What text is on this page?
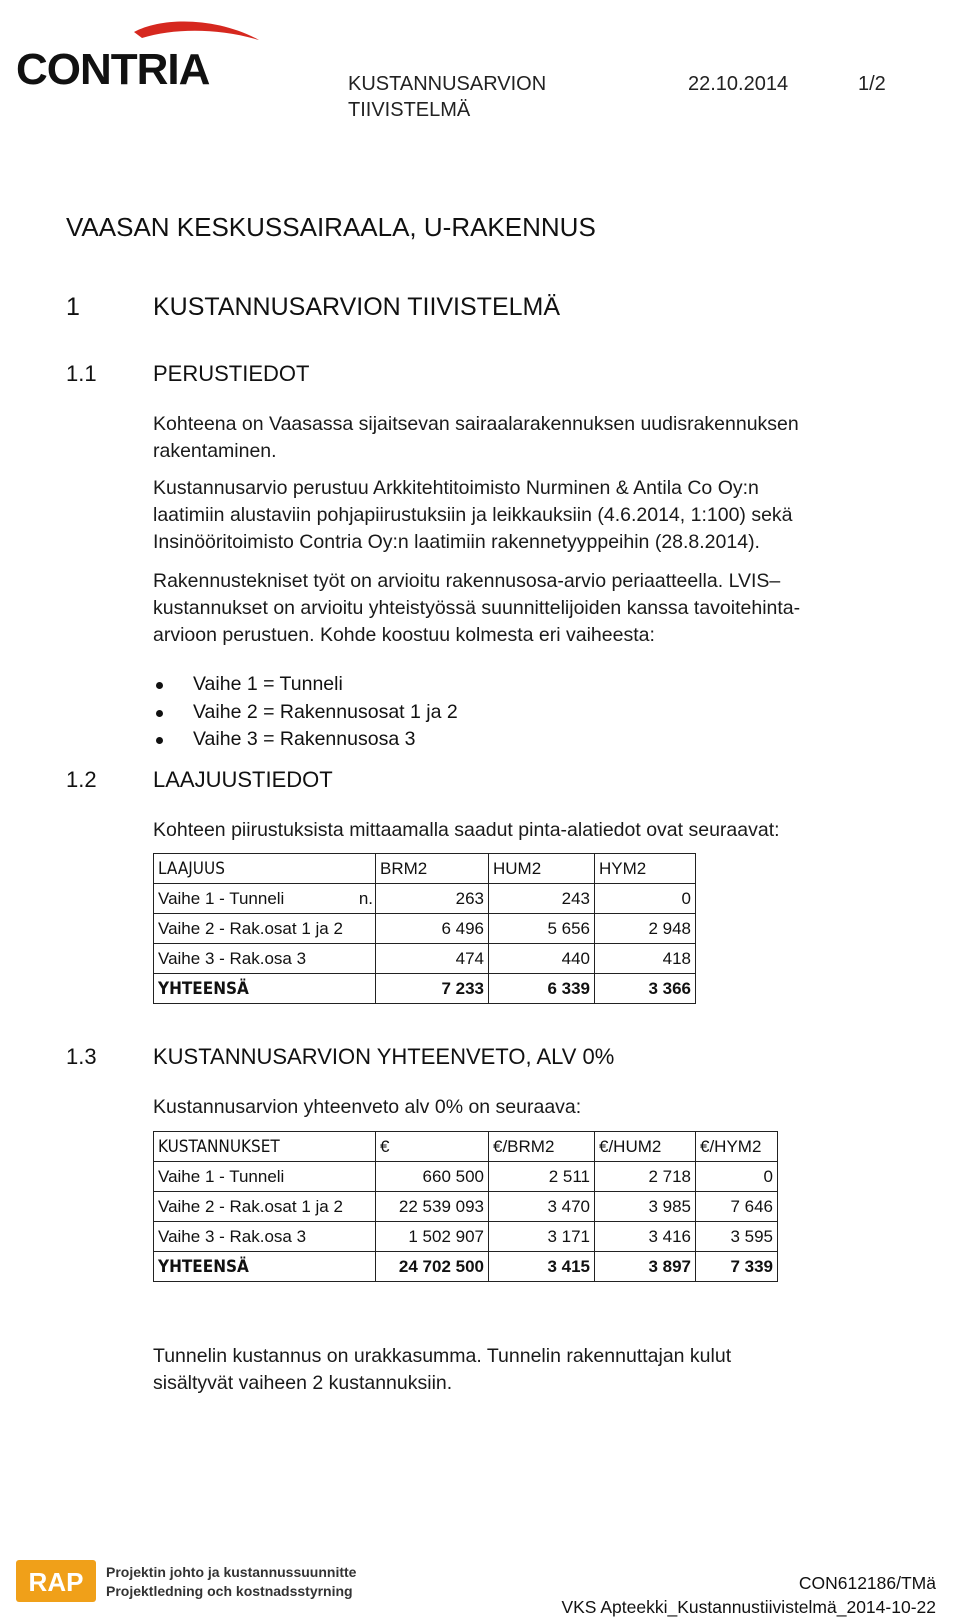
CONTRIA	KUSTANNUSARVION
TIIVISTELMÄ
22.10.2014	1/2
VAASAN KESKUSSAIRAALA, U-RAKENNUS
1	KUSTANNUSARVION TIIVISTELMÄ
1.1	PERUSTIEDOT

Kohteena on Vaasassa sijaitsevan sairaalarakennuksen uudisrakennuksen

rakentaminen.

Kustannusarvio perustuu Arkkitehtitoimisto Nurminen & Antila Co Oy:n

laatimiin alustaviin pohjapiirustuksiin ja leikkauksiin (4.6.2014, 1:100) sekä

Insinööritoimisto Contria Oy:n laatimiin rakennetyyppeihin (28.8.2014).

Rakennustekniset työt on arvioitu rakennusosa-arvio periaatteella. LVIS–

kustannukset on arvioitu yhteistyössä suunnittelijoiden kanssa tavoitehinta-

arvioon perustuen. Kohde koostuu kolmesta eri vaiheesta:

Vaihe 1 = Tunneli
Vaihe 2 = Rakennusosat 1 ja 2
Vaihe 3 = Rakennusosa 3
1.2	LAAJUUSTIEDOT
Kohteen piirustuksista mittaamalla saadut pinta-alatiedot ovat seuraavat:
LAAJUUS	BRM2	HUM2	HYM2
Vaihe 1 - Tunneli n.	263	243	0
Vaihe 2 - Rak.osat 1 ja 2	6 496	5 656	2 948
Vaihe 3 - Rak.osa 3	474	440	418
YHTEENSÄ	7 233	6 339	3 366
1.3	KUSTANNUSARVION YHTEENVETO, ALV 0%
Kustannusarvion yhteenveto alv 0% on seuraava:
KUSTANNUKSET	€	€/BRM2	€/HUM2	€/HYM2
Vaihe 1 - Tunneli	660 500	2 511	2 718	0
Vaihe 2 - Rak.osat 1 ja 2	22 539 093	3 470	3 985	7 646
Vaihe 3 - Rak.osa 3	1 502 907	3 171	3 416	3 595
YHTEENSÄ	24 702 500	3 415	3 897	7 339

Tunnelin kustannus on urakkasumma. Tunnelin rakennuttajan kulut

sisältyvät vaiheen 2 kustannuksiin.

RAP Projektin johto ja kustannussuunnittelu
Projektledning och kostnadsstyrning	CON612186/TMä
VKS Apteekki_Kustannustiivistelmä_2014-10-22
